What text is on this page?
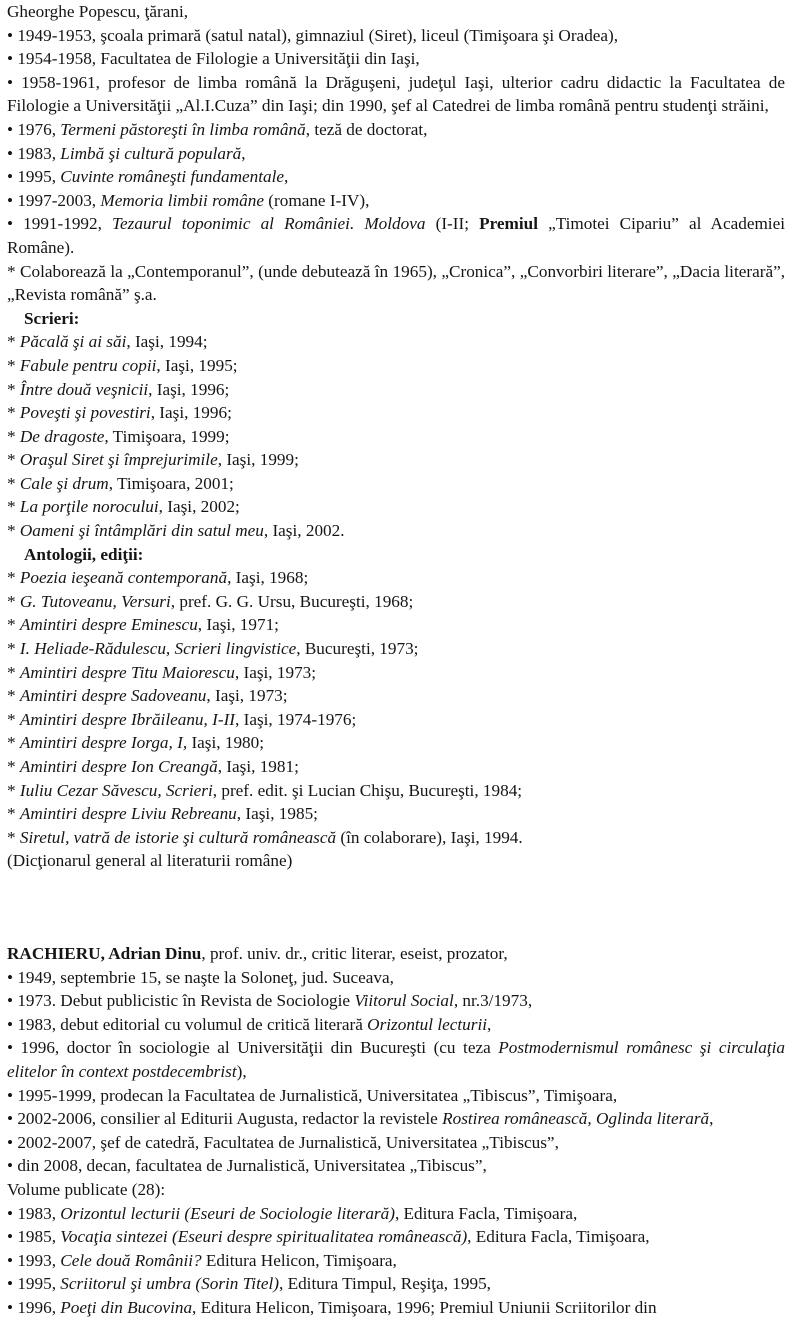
Gheorghe Popescu, ţărani,

• 1949-1953, şcoala primară (satul natal), gimnaziul (Siret), liceul (Timişoara şi Oradea),

• 1954-1958, Facultatea de Filologie a Universităţii din Iaşi,

• 1958-1961, profesor de limba română la Drăguşeni, judeţul Iaşi, ulterior cadru didactic la Facultatea de Filologie a Universităţii „Al.I.Cuza” din Iaşi; din 1990, şef al Catedrei de limba română pentru studenţi străini,

• 1976, Termeni păstoreşti în limba română, teză de doctorat,

• 1983, Limbă şi cultură populară,

• 1995, Cuvinte româneşti fundamentale,

• 1997-2003, Memoria limbii române (romane I-IV),

• 1991-1992, Tezaurul toponimic al României. Moldova (I-II; Premiul „Timotei Cipariu” al Academiei Române).

* Colaborează la „Contemporanul”, (unde debutează în 1965), „Cronica”, „Convorbiri literare”, „Dacia literară”, „Revista română” ş.a.

Scrieri:

* Păcală şi ai săi, Iaşi, 1994;

* Fabule pentru copii, Iaşi, 1995;

* Între două veşnicii, Iaşi, 1996;

* Poveşti şi povestiri, Iaşi, 1996;

* De dragoste, Timişoara, 1999;

* Oraşul Siret şi împrejurimile, Iaşi, 1999;

* Cale şi drum, Timişoara, 2001;

* La porţile norocului, Iaşi, 2002;

* Oameni şi întâmplări din satul meu, Iaşi, 2002.

Antologii, ediţii:

* Poezia ieşeană contemporană, Iaşi, 1968;

* G. Tutoveanu, Versuri, pref. G. G. Ursu, Bucureşti, 1968;

* Amintiri despre Eminescu, Iaşi, 1971;

* I. Heliade-Rădulescu, Scrieri lingvistice, Bucureşti, 1973;

* Amintiri despre Titu Maiorescu, Iaşi, 1973;

* Amintiri despre Sadoveanu, Iaşi, 1973;

* Amintiri despre Ibrăileanu, I-II, Iaşi, 1974-1976;

* Amintiri despre Iorga, I, Iaşi, 1980;

* Amintiri despre Ion Creangă, Iaşi, 1981;

* Iuliu Cezar Săvescu, Scrieri, pref. edit. şi Lucian Chişu, Bucureşti, 1984;

* Amintiri despre Liviu Rebreanu, Iaşi, 1985;

* Siretul, vatră de istorie şi cultură românească (în colaborare), Iaşi, 1994.

(Dicţionarul general al literaturii române)

RACHIERU, Adrian Dinu, prof. univ. dr., critic literar, eseist, prozator,

• 1949, septembrie 15, se naşte la Soloneţ, jud. Suceava,

• 1973. Debut publicistic în Revista de Sociologie Viitorul Social, nr.3/1973,

• 1983, debut editorial cu volumul de critică literară Orizontul lecturii,

• 1996, doctor în sociologie al Universităţii din Bucureşti (cu teza Postmodernismul românesc şi circulaţia elitelor în context postdecembrist),

• 1995-1999, prodecan la Facultatea de Jurnalistică, Universitatea „Tibiscus”, Timişoara,

• 2002-2006, consilier al Editurii Augusta, redactor la revistele Rostirea românească, Oglinda literară,

• 2002-2007, şef de catedră, Facultatea de Jurnalistică, Universitatea „Tibiscus”,

• din 2008, decan, facultatea de Jurnalistică, Universitatea „Tibiscus”,

Volume publicate (28):

• 1983, Orizontul lecturii (Eseuri de Sociologie literară), Editura Facla, Timişoara,

• 1985, Vocaţia sintezei (Eseuri despre spiritualitatea românească), Editura Facla, Timişoara,

• 1993, Cele două Românii? Editura Helicon, Timişoara,

• 1995, Scriitorul şi umbra (Sorin Titel), Editura Timpul, Reşiţa, 1995,

• 1996, Poeţi din Bucovina, Editura Helicon, Timişoara, 1996; Premiul Uniunii Scriitorilor din
